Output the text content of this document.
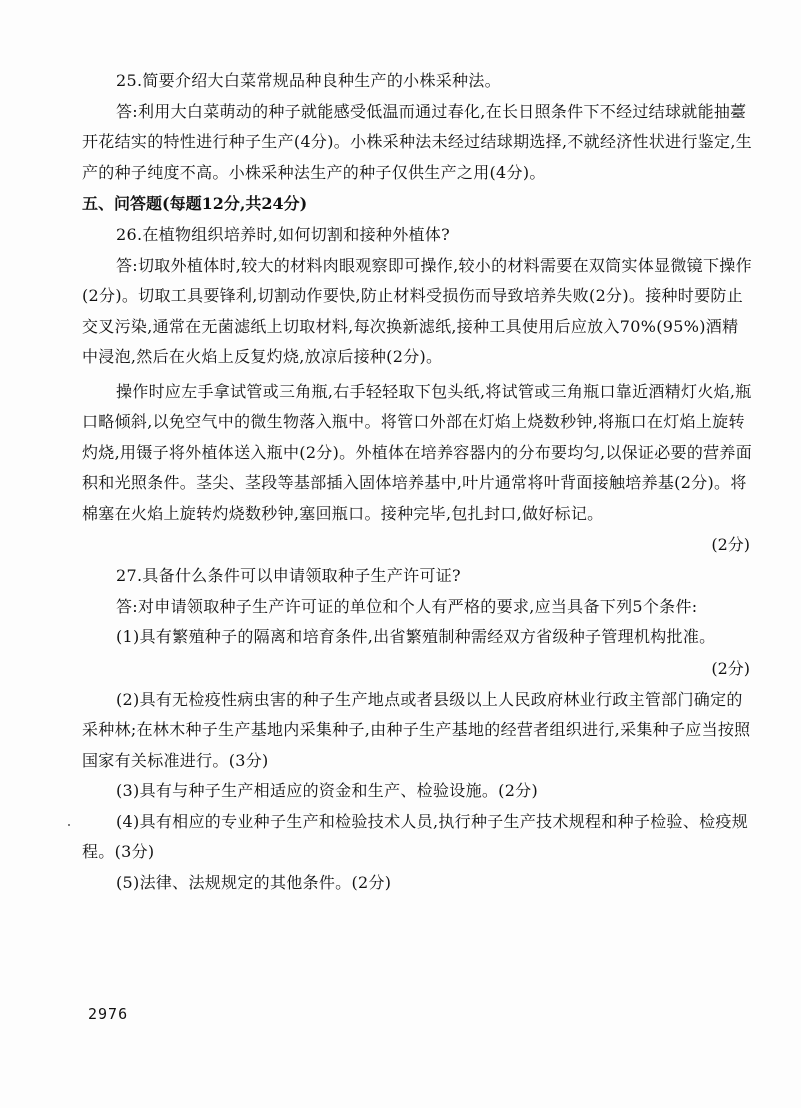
25.简要介绍大白菜常规品种良种生产的小株采种法。

答:利用大白菜萌动的种子就能感受低温而通过春化,在长日照条件下不经过结球就能抽薹开花结实的特性进行种子生产(4分)。小株采种法未经过结球期选择,不就经济性状进行鉴定,生产的种子纯度不高。小株采种法生产的种子仅供生产之用(4分)。

五、问答题(每题12分,共24分)

26.在植物组织培养时,如何切割和接种外植体?

答:切取外植体时,较大的材料肉眼观察即可操作,较小的材料需要在双筒实体显微镜下操作(2分)。切取工具要锋利,切割动作要快,防止材料受损伤而导致培养失败(2分)。接种时要防止交叉污染,通常在无菌滤纸上切取材料,每次换新滤纸,接种工具使用后应放入70%(95%)酒精中浸泡,然后在火焰上反复灼烧,放凉后接种(2分)。

操作时应左手拿试管或三角瓶,右手轻轻取下包头纸,将试管或三角瓶口靠近酒精灯火焰,瓶口略倾斜,以免空气中的微生物落入瓶中。将管口外部在灯焰上烧数秒钟,将瓶口在灯焰上旋转灼烧,用镊子将外植体送入瓶中(2分)。外植体在培养容器内的分布要均匀,以保证必要的营养面积和光照条件。茎尖、茎段等基部插入固体培养基中,叶片通常将叶背面接触培养基(2分)。将棉塞在火焰上旋转灼烧数秒钟,塞回瓶口。接种完毕,包扎封口,做好标记。

(2分)

27.具备什么条件可以申请领取种子生产许可证?

答:对申请领取种子生产许可证的单位和个人有严格的要求,应当具备下列5个条件:

(1)具有繁殖种子的隔离和培育条件,出省繁殖制种需经双方省级种子管理机构批准。

(2分)

(2)具有无检疫性病虫害的种子生产地点或者县级以上人民政府林业行政主管部门确定的采种林;在林木种子生产基地内采集种子,由种子生产基地的经营者组织进行,采集种子应当按照国家有关标准进行。(3分)

(3)具有与种子生产相适应的资金和生产、检验设施。(2分)

(4)具有相应的专业种子生产和检验技术人员,执行种子生产技术规程和种子检验、检疫规程。(3分)

(5)法律、法规规定的其他条件。(2分)

2976
